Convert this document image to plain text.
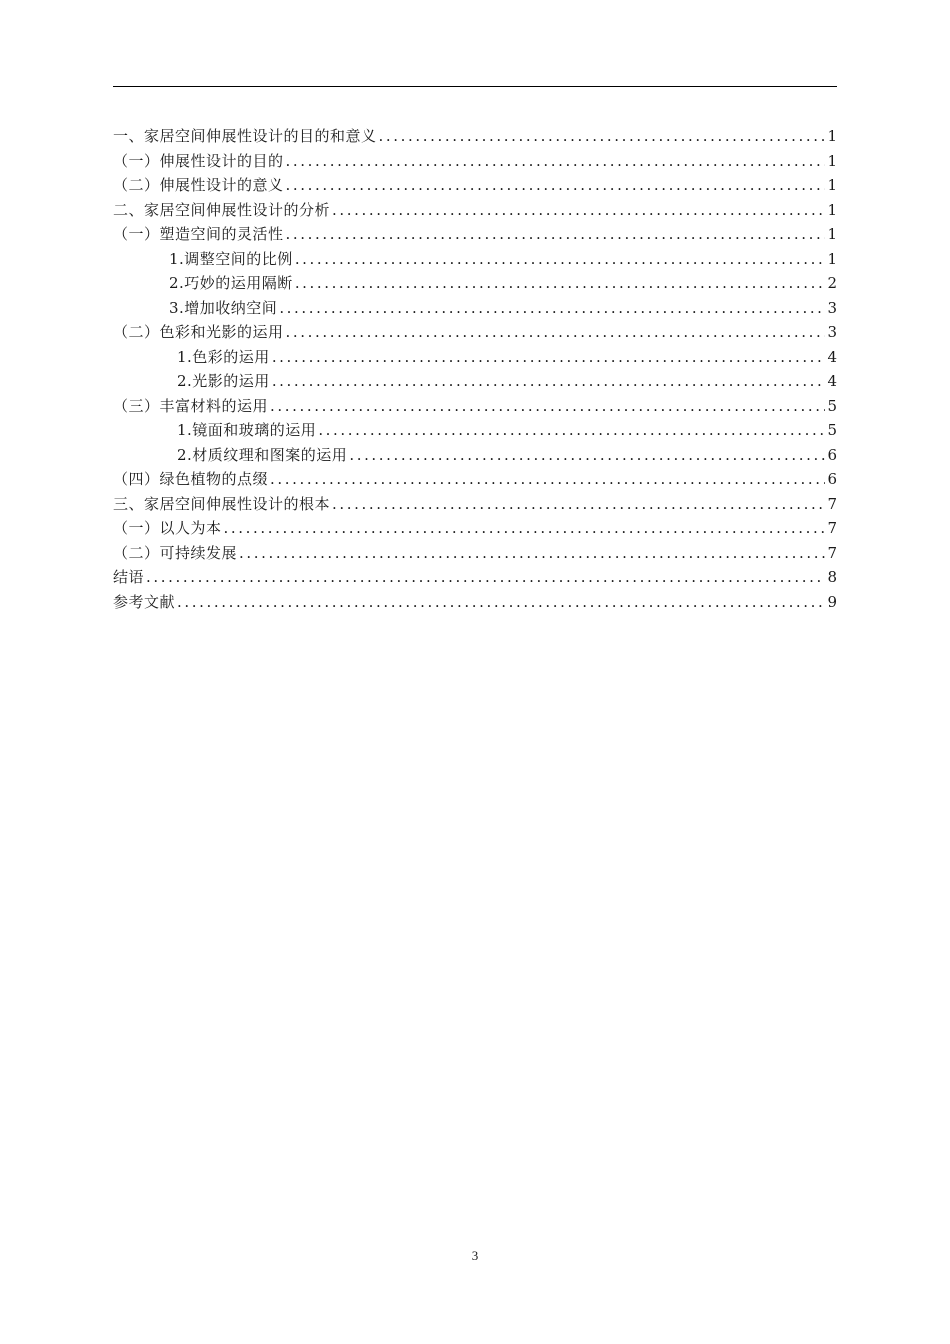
一、家居空间伸展性设计的目的和意义 .....	1
（一）伸展性设计的目的 .....	1
（二）伸展性设计的意义 .....	1
二、家居空间伸展性设计的分析 .....	1
（一）塑造空间的灵活性 .....	1
1.调整空间的比例 .....	1
2.巧妙的运用隔断 .....	2
3.增加收纳空间 .....	3
（二）色彩和光影的运用 .....	3
1.色彩的运用 .....	4
2.光影的运用 .....	4
（三）丰富材料的运用 .....	5
1.镜面和玻璃的运用 .....	5
2.材质纹理和图案的运用 .....	6
（四）绿色植物的点缀 .....	6
三、家居空间伸展性设计的根本 .....	7
（一）以人为本 .....	7
（二）可持续发展 .....	7
结语 .....	8
参考文献 .....	9
3
